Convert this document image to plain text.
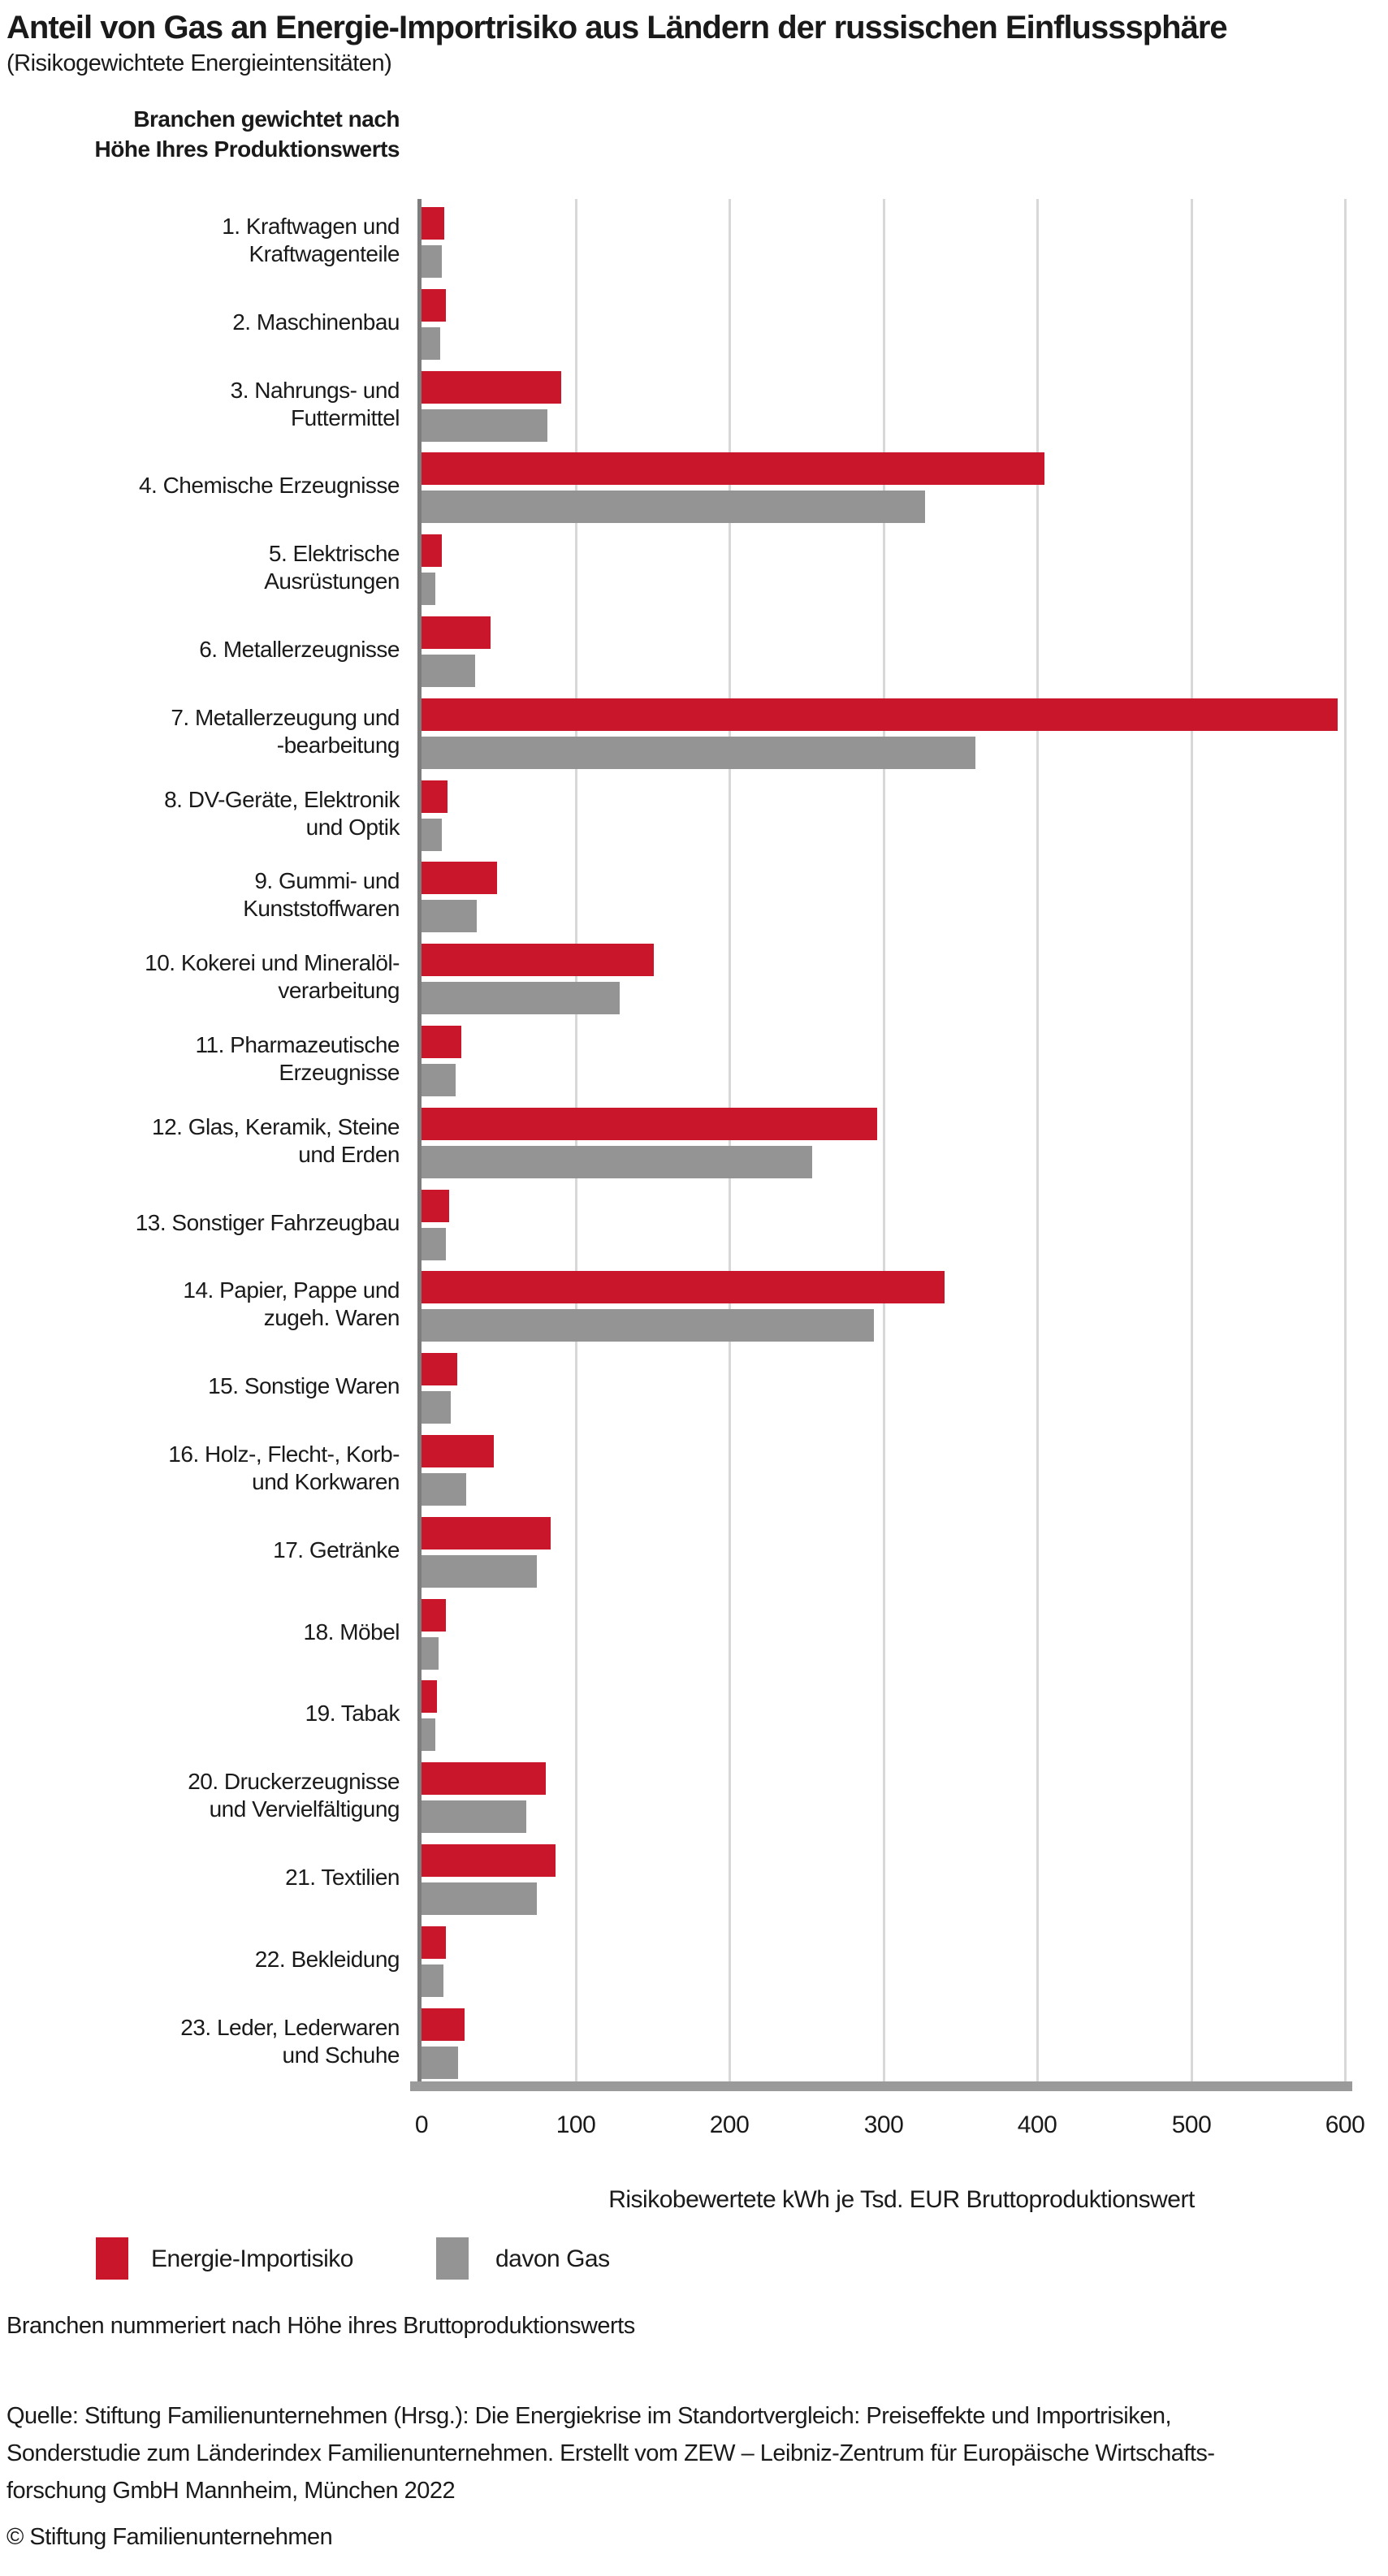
Anteil von Gas an Energie-Importrisiko aus Ländern der russischen Einflusssphäre
(Risikogewichtete Energieintensitäten)
Branchen gewichtet nach
Höhe Ihres Produktionswerts
0	100	200	300	400	500	600
1. Kraftwagen und
Kraftwagenteile
2. Maschinenbau
3. Nahrungs- und
Futtermittel
4. Chemische Erzeugnisse
5. Elektrische
Ausrüstungen
6. Metallerzeugnisse
7. Metallerzeugung und
-bearbeitung
8. DV-Geräte, Elektronik
und Optik
9. Gummi- und
Kunststoffwaren
10. Kokerei und Mineralöl-
verarbeitung
11. Pharmazeutische
Erzeugnisse
12. Glas, Keramik, Steine
und Erden
13. Sonstiger Fahrzeugbau
14. Papier, Pappe und
zugeh. Waren
15. Sonstige Waren
16. Holz-, Flecht-, Korb-
und Korkwaren
17. Getränke
18. Möbel
19. Tabak
20. Druckerzeugnisse
und Vervielfältigung
21. Textilien
22. Bekleidung
23. Leder, Lederwaren
und Schuhe
Risikobewertete kWh je Tsd. EUR Bruttoproduktionswert
Energie-Importisiko	davon Gas
Branchen nummeriert nach Höhe ihres Bruttoproduktionswerts
Quelle: Stiftung Familienunternehmen (Hrsg.): Die Energiekrise im Standortvergleich: Preiseffekte und Importrisiken,
Sonderstudie zum Länderindex Familienunternehmen. Erstellt vom ZEW – Leibniz-Zentrum für Europäische Wirtschafts-
forschung GmbH Mannheim, München 2022
© Stiftung Familienunternehmen
